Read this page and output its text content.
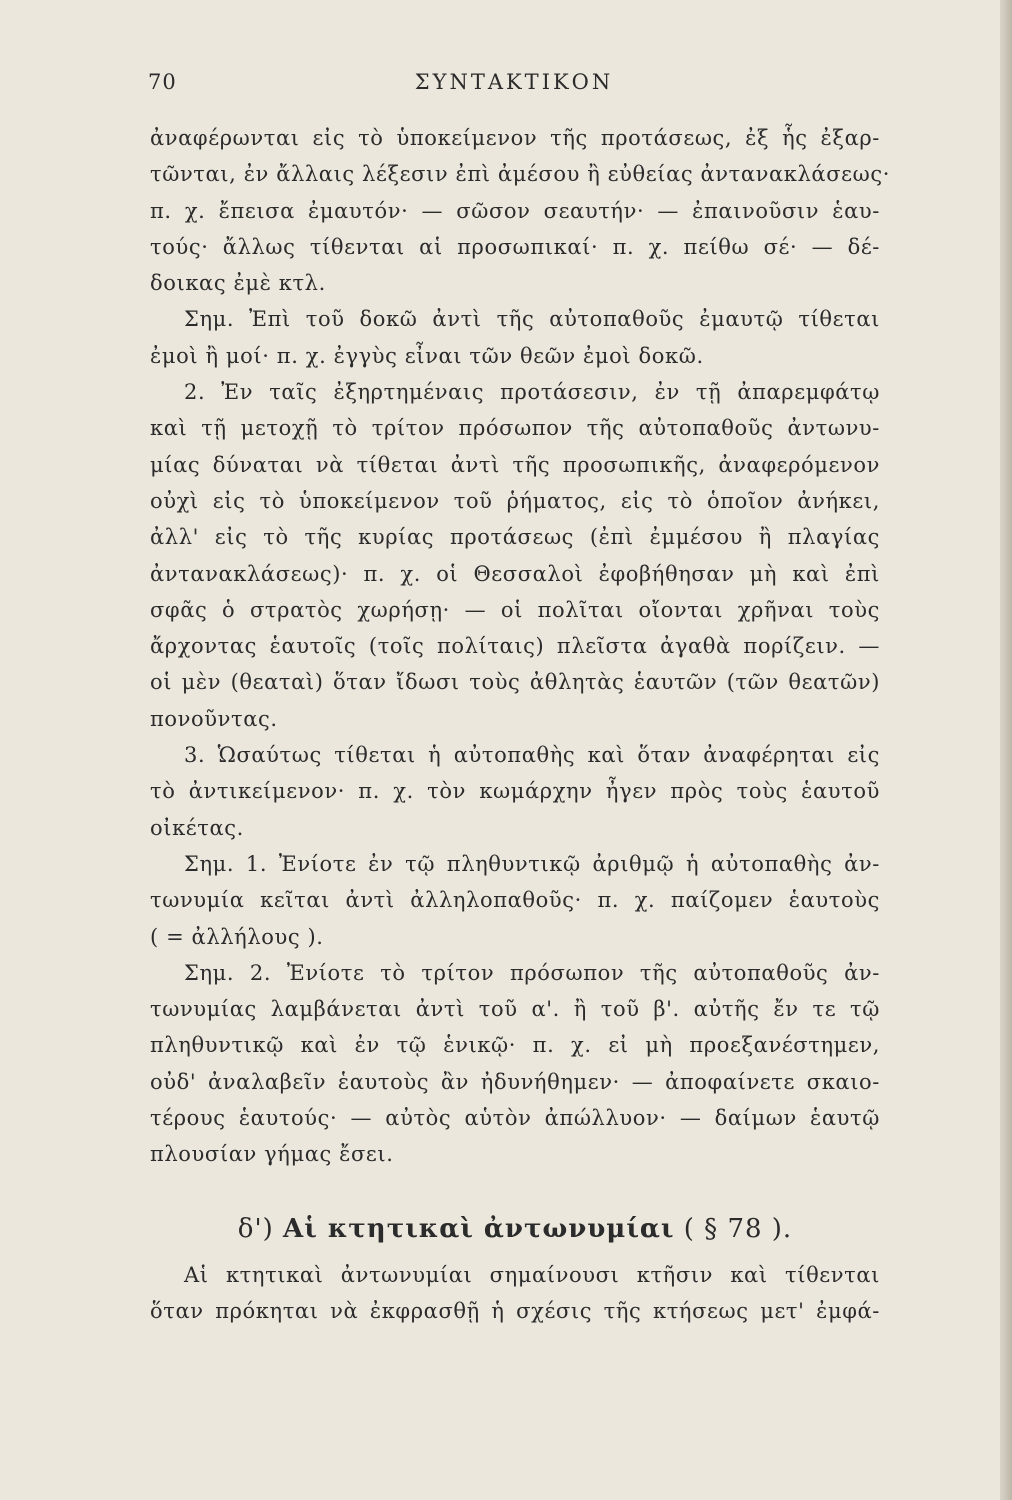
70	ΣΥΝΤΑΚΤΙΚΟΝ
ἀναφέρωνται εἰς τὸ ὑποκείμενον τῆς προτάσεως, ἐξ ἧς ἐξαρ-
τῶνται, ἐν ἄλλαις λέξεσιν ἐπὶ ἀμέσου ἢ εὐθείας ἀντανακλάσεως·
π. χ. ἔπεισα ἐμαυτόν· — σῶσον σεαυτήν· — ἐπαινοῦσιν ἑαυ-
τούς· ἄλλως τίθενται αἱ προσωπικαί· π. χ. πείθω σέ· — δέ-
δοικας ἐμὲ κτλ.
Σημ. Ἐπὶ τοῦ δοκῶ ἀντὶ τῆς αὐτοπαθοῦς ἐμαυτῷ τίθεται
ἐμοὶ ἢ μοί· π. χ. ἐγγὺς εἶναι τῶν θεῶν ἐμοὶ δοκῶ.
2. Ἐν ταῖς ἐξηρτημέναις προτάσεσιν, ἐν τῇ ἀπαρεμφάτῳ
καὶ τῇ μετοχῇ τὸ τρίτον πρόσωπον τῆς αὐτοπαθοῦς ἀντωνυ-
μίας δύναται νὰ τίθεται ἀντὶ τῆς προσωπικῆς, ἀναφερόμενον
οὐχὶ εἰς τὸ ὑποκείμενον τοῦ ῥήματος, εἰς τὸ ὁποῖον ἀνήκει,
ἀλλ' εἰς τὸ τῆς κυρίας προτάσεως (ἐπὶ ἐμμέσου ἢ πλαγίας
ἀντανακλάσεως)· π. χ. οἱ Θεσσαλοὶ ἐφοβήθησαν μὴ καὶ ἐπὶ
σφᾶς ὁ στρατὸς χωρήσῃ· — οἱ πολῖται οἴονται χρῆναι τοὺς
ἄρχοντας ἑαυτοῖς (τοῖς πολίταις) πλεῖστα ἀγαθὰ πορίζειν. —
οἱ μὲν (θεαταὶ) ὅταν ἴδωσι τοὺς ἀθλητὰς ἑαυτῶν (τῶν θεατῶν)
πονοῦντας.
3. Ὡσαύτως τίθεται ἡ αὐτοπαθὴς καὶ ὅταν ἀναφέρηται εἰς
τὸ ἀντικείμενον· π. χ. τὸν κωμάρχην ἦγεν πρὸς τοὺς ἑαυτοῦ
οἰκέτας.
Σημ. 1. Ἐνίοτε ἐν τῷ πληθυντικῷ ἀριθμῷ ἡ αὐτοπαθὴς ἀν-
τωνυμία κεῖται ἀντὶ ἀλληλοπαθοῦς· π. χ. παίζομεν ἑαυτοὺς
( = ἀλλήλους ).
Σημ. 2. Ἐνίοτε τὸ τρίτον πρόσωπον τῆς αὐτοπαθοῦς ἀν-
τωνυμίας λαμβάνεται ἀντὶ τοῦ α'. ἢ τοῦ β'. αὐτῆς ἔν τε τῷ
πληθυντικῷ καὶ ἐν τῷ ἑνικῷ· π. χ. εἰ μὴ προεξανέστημεν,
οὐδ' ἀναλαβεῖν ἑαυτοὺς ἂν ἠδυνήθημεν· — ἀποφαίνετε σκαιο-
τέρους ἑαυτούς· — αὐτὸς αὑτὸν ἀπώλλυον· — δαίμων ἑαυτῷ
πλουσίαν γήμας ἔσει.
δ') Αἱ κτητικαὶ ἀντωνυμίαι ( § 78 ).
Αἱ κτητικαὶ ἀντωνυμίαι σημαίνουσι κτῆσιν καὶ τίθενται
ὅταν πρόκηται νὰ ἐκφρασθῇ ἡ σχέσις τῆς κτήσεως μετ' ἐμφά-
